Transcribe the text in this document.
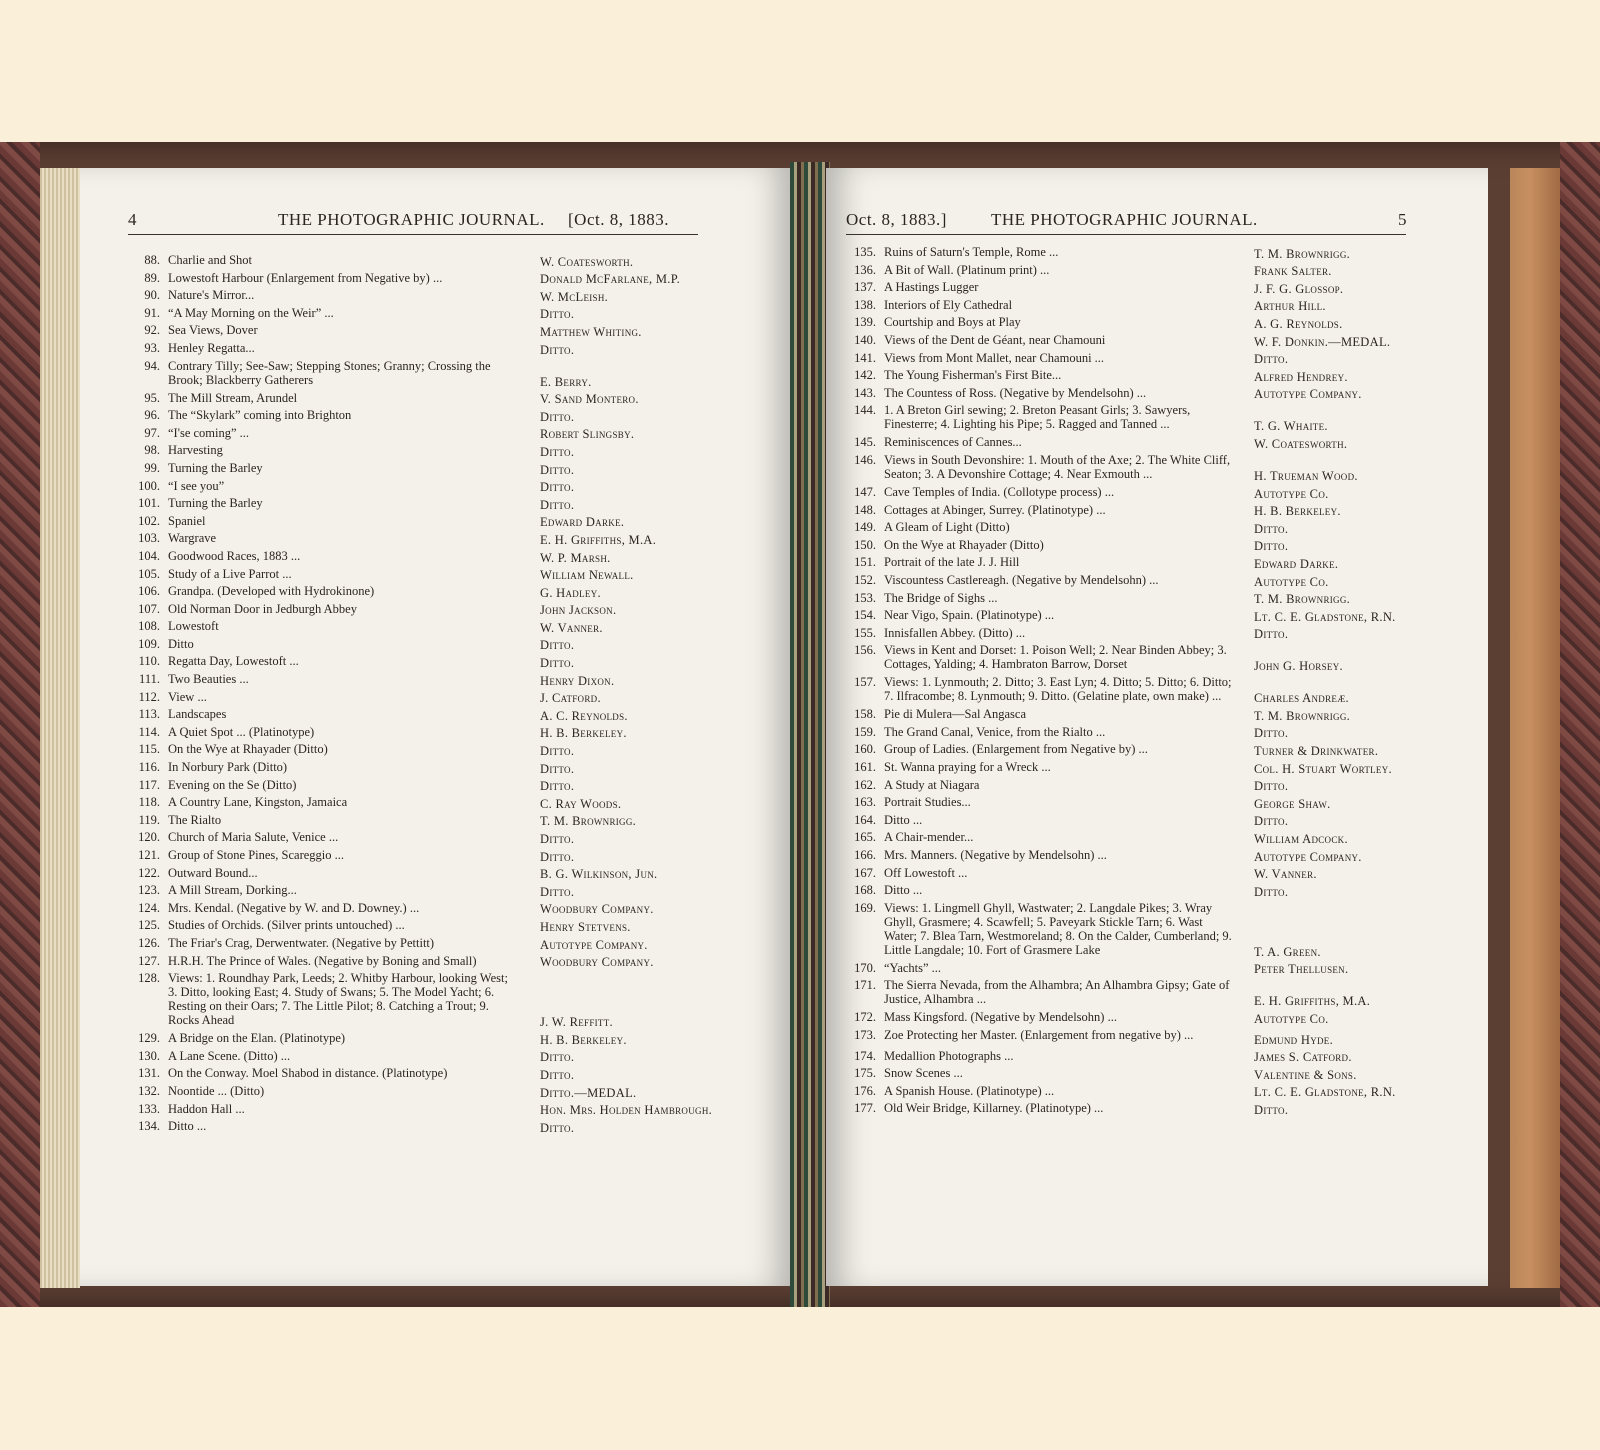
4	THE PHOTOGRAPHIC JOURNAL. [Oct. 8, 1883.
88. Charlie and Shot	W. Coatesworth.
89. Lowestoft Harbour (Enlargement from Negative by) ...	Donald McFarlane, M.P.
90. Nature's Mirror...	W. McLeish.
91. “A May Morning on the Weir” ...	Ditto.
92. Sea Views, Dover	Matthew Whiting.
93. Henley Regatta...	Ditto.
94. Contrary Tilly; See-Saw; Stepping Stones; Granny; Crossing the Brook; Blackberry Gatherers	E. Berry.
95. The Mill Stream, Arundel	V. Sand Montero.
96. The “Skylark” coming into Brighton	Ditto.
97. “I'se coming” ...	Robert Slingsby.
98. Harvesting	Ditto.
99. Turning the Barley	Ditto.
100. “I see you”	Ditto.
101. Turning the Barley	Ditto.
102. Spaniel	Edward Darke.
103. Wargrave	E. H. Griffiths, M.A.
104. Goodwood Races, 1883 ...	W. P. Marsh.
105. Study of a Live Parrot ...	William Newall.
106. Grandpa. (Developed with Hydrokinone)	G. Hadley.
107. Old Norman Door in Jedburgh Abbey	John Jackson.
108. Lowestoft	W. Vanner.
109. Ditto	Ditto.
110. Regatta Day, Lowestoft ...	Ditto.
111. Two Beauties ...	Henry Dixon.
112. View ...	J. Catford.
113. Landscapes	A. C. Reynolds.
114. A Quiet Spot ... (Platinotype)	H. B. Berkeley.
115. On the Wye at Rhayader (Ditto)	Ditto.
116. In Norbury Park (Ditto)	Ditto.
117. Evening on the Se (Ditto)	Ditto.
118. A Country Lane, Kingston, Jamaica	C. Ray Woods.
119. The Rialto	T. M. Brownrigg.
120. Church of Maria Salute, Venice ...	Ditto.
121. Group of Stone Pines, Scareggio ...	Ditto.
122. Outward Bound...	B. G. Wilkinson, Jun.
123. A Mill Stream, Dorking...	Ditto.
124. Mrs. Kendal. (Negative by W. and D. Downey.) ...	Woodbury Company.
125. Studies of Orchids. (Silver prints untouched) ...	Henry Stetvens.
126. The Friar's Crag, Derwentwater. (Negative by Pettitt)	Autotype Company.
127. H.R.H. The Prince of Wales. (Negative by Boning and Small)	Woodbury Company.
128. Views: 1. Roundhay Park, Leeds; 2. Whitby Harbour, looking West; 3. Ditto, looking East; 4. Study of Swans; 5. The Model Yacht; 6. Resting on their Oars; 7. The Little Pilot; 8. Catching a Trout; 9. Rocks Ahead	J. W. Reffitt.
129. A Bridge on the Elan. (Platinotype)	H. B. Berkeley.
130. A Lane Scene. (Ditto) ...	Ditto.
131. On the Conway. Moel Shabod in distance. (Platinotype)	Ditto.
132. Noontide ... (Ditto)	Ditto.—MEDAL.
133. Haddon Hall ...	Hon. Mrs. Holden Hambrough.
134. Ditto ...	Ditto.
Oct. 8, 1883.]	THE PHOTOGRAPHIC JOURNAL.	5
135. Ruins of Saturn's Temple, Rome ...	T. M. Brownrigg.
136. A Bit of Wall. (Platinum print) ...	Frank Salter.
137. A Hastings Lugger	J. F. G. Glossop.
138. Interiors of Ely Cathedral	Arthur Hill.
139. Courtship and Boys at Play	A. G. Reynolds.
140. Views of the Dent de Géant, near Chamouni	W. F. Donkin.—MEDAL.
141. Views from Mont Mallet, near Chamouni ...	Ditto.
142. The Young Fisherman's First Bite...	Alfred Hendrey.
143. The Countess of Ross. (Negative by Mendelsohn) ...	Autotype Company.
144. 1. A Breton Girl sewing; 2. Breton Peasant Girls; 3. Sawyers, Finesterre; 4. Lighting his Pipe; 5. Ragged and Tanned ...	T. G. Whaite.
145. Reminiscences of Cannes...	W. Coatesworth.
146. Views in South Devonshire: 1. Mouth of the Axe; 2. The White Cliff, Seaton; 3. A Devonshire Cottage; 4. Near Exmouth ...	H. Trueman Wood.
147. Cave Temples of India. (Collotype process) ...	Autotype Co.
148. Cottages at Abinger, Surrey. (Platinotype) ...	H. B. Berkeley.
149. A Gleam of Light (Ditto)	Ditto.
150. On the Wye at Rhayader (Ditto)	Ditto.
151. Portrait of the late J. J. Hill	Edward Darke.
152. Viscountess Castlereagh. (Negative by Mendelsohn) ...	Autotype Co.
153. The Bridge of Sighs ...	T. M. Brownrigg.
154. Near Vigo, Spain. (Platinotype) ...	Lt. C. E. Gladstone, R.N.
155. Innisfallen Abbey. (Ditto) ...	Ditto.
156. Views in Kent and Dorset: 1. Poison Well; 2. Near Binden Abbey; 3. Cottages, Yalding; 4. Hambraton Barrow, Dorset	John G. Horsey.
157. Views: 1. Lynmouth; 2. Ditto; 3. East Lyn; 4. Ditto; 5. Ditto; 6. Ditto; 7. Ilfracombe; 8. Lynmouth; 9. Ditto. (Gelatine plate, own make) ...	Charles Andreæ.
158. Pie di Mulera—Sal Angasca	T. M. Brownrigg.
159. The Grand Canal, Venice, from the Rialto ...	Ditto.
160. Group of Ladies. (Enlargement from Negative by) ...	Turner & Drinkwater.
161. St. Wanna praying for a Wreck ...	Col. H. Stuart Wortley.
162. A Study at Niagara	Ditto.
163. Portrait Studies...	George Shaw.
164. Ditto ...	Ditto.
165. A Chair-mender...	William Adcock.
166. Mrs. Manners. (Negative by Mendelsohn) ...	Autotype Company.
167. Off Lowestoft ...	W. Vanner.
168. Ditto ...	Ditto.
169. Views: 1. Lingmell Ghyll, Wastwater; 2. Langdale Pikes; 3. Wray Ghyll, Grasmere; 4. Scawfell; 5. Paveyark Stickle Tarn; 6. Wast Water; 7. Blea Tarn, Westmoreland; 8. On the Calder, Cumberland; 9. Little Langdale; 10. Fort of Grasmere Lake	T. A. Green.
170. “Yachts” ...	Peter Thellusen.
171. The Sierra Nevada, from the Alhambra; An Alhambra Gipsy; Gate of Justice, Alhambra ...	E. H. Griffiths, M.A.
172. Mass Kingsford. (Negative by Mendelsohn) ...	Autotype Co.
173. Zoe Protecting her Master. (Enlargement from negative by) ...	Edmund Hyde.
174. Medallion Photographs ...	James S. Catford.
175. Snow Scenes ...	Valentine & Sons.
176. A Spanish House. (Platinotype) ...	Lt. C. E. Gladstone, R.N.
177. Old Weir Bridge, Killarney. (Platinotype) ...	Ditto.
